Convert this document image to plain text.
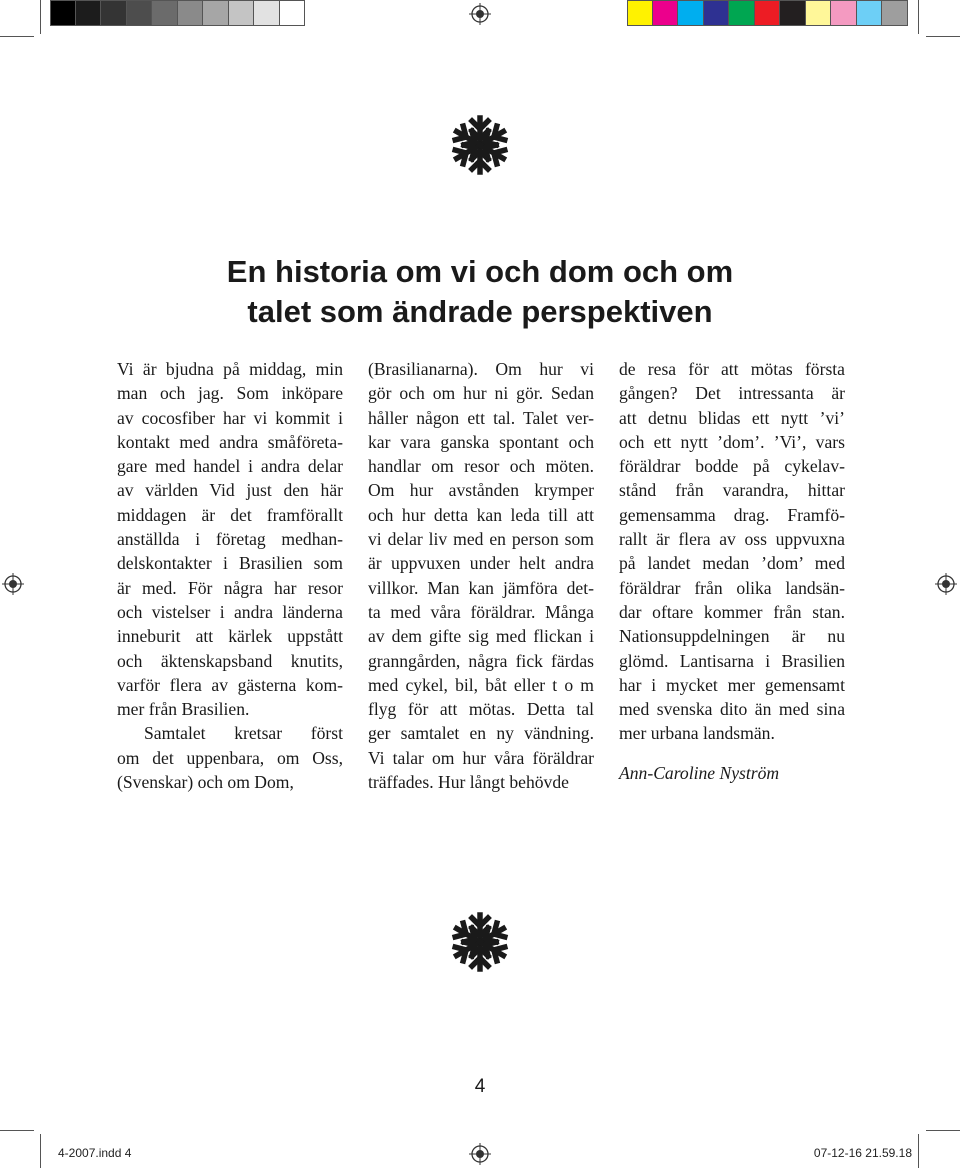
En historia om vi och dom och om
talet som ändrade perspektiven
Vi är bjudna på middag, min
man och jag. Som inköpare
av cocosfiber har vi kommit i
kontakt med andra småföreta-
gare med handel i andra delar
av världen Vid just den här
middagen är det framförallt
anställda i företag medhan-
delskontakter i Brasilien som
är med. För några har resor
och vistelser i andra länderna
inneburit att kärlek uppstått
och äktenskapsband knutits,
varför flera av gästerna kom-
mer från Brasilien.
Samtalet kretsar först
om det uppenbara, om Oss,
(Svenskar) och om Dom,
(Brasilianarna). Om hur vi
gör och om hur ni gör. Sedan
håller någon ett tal. Talet ver-
kar vara ganska spontant och
handlar om resor och möten.
Om hur avstånden krymper
och hur detta kan leda till att
vi delar liv med en person som
är uppvuxen under helt andra
villkor. Man kan jämföra det-
ta med våra föräldrar. Många
av dem gifte sig med flickan i
granngården, några fick färdas
med cykel, bil, båt eller t o m
flyg för att mötas. Detta tal
ger samtalet en ny vändning.
Vi talar om hur våra föräldrar
träffades. Hur långt behövde
de resa för att mötas första
gången? Det intressanta är
att detnu blidas ett nytt ’vi’
och ett nytt ’dom’. ’Vi’, vars
föräldrar bodde på cykelav-
stånd från varandra, hittar
gemensamma drag. Framfö-
rallt är flera av oss uppvuxna
på landet medan ’dom’ med
föräldrar från olika landsän-
dar oftare kommer från stan.
Nationsuppdelningen är nu
glömd. Lantisarna i Brasilien
har i mycket mer gemensamt
med svenska dito än med sina
mer urbana landsmän.

Ann-Caroline Nyström

4
4-2007.indd 4	07-12-16 21.59.18
